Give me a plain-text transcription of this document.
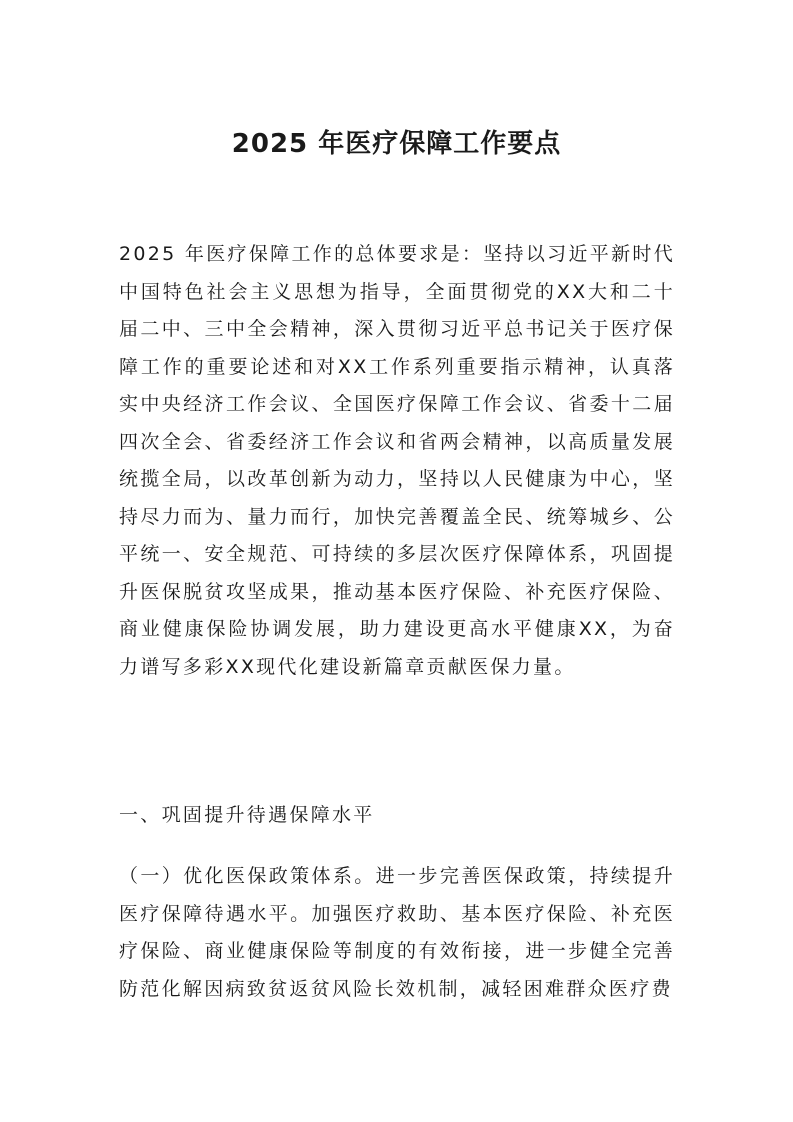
2025 年医疗保障工作要点

2025 年医疗保障工作的总体要求是：坚持以习近平新时代中国特色社会主义思想为指导，全面贯彻党的XX大和二十届二中、三中全会精神，深入贯彻习近平总书记关于医疗保障工作的重要论述和对XX工作系列重要指示精神，认真落实中央经济工作会议、全国医疗保障工作会议、省委十二届四次全会、省委经济工作会议和省两会精神，以高质量发展统揽全局，以改革创新为动力，坚持以人民健康为中心，坚持尽力而为、量力而行，加快完善覆盖全民、统筹城乡、公平统一、安全规范、可持续的多层次医疗保障体系，巩固提升医保脱贫攻坚成果，推动基本医疗保险、补充医疗保险、商业健康保险协调发展，助力建设更高水平健康XX，为奋力谱写多彩XX现代化建设新篇章贡献医保力量。

一、巩固提升待遇保障水平

（一）优化医保政策体系。进一步完善医保政策，持续提升医疗保障待遇水平。加强医疗救助、基本医疗保险、补充医疗保险、商业健康保险等制度的有效衔接，进一步健全完善防范化解因病致贫返贫风险长效机制，减轻困难群众医疗费
